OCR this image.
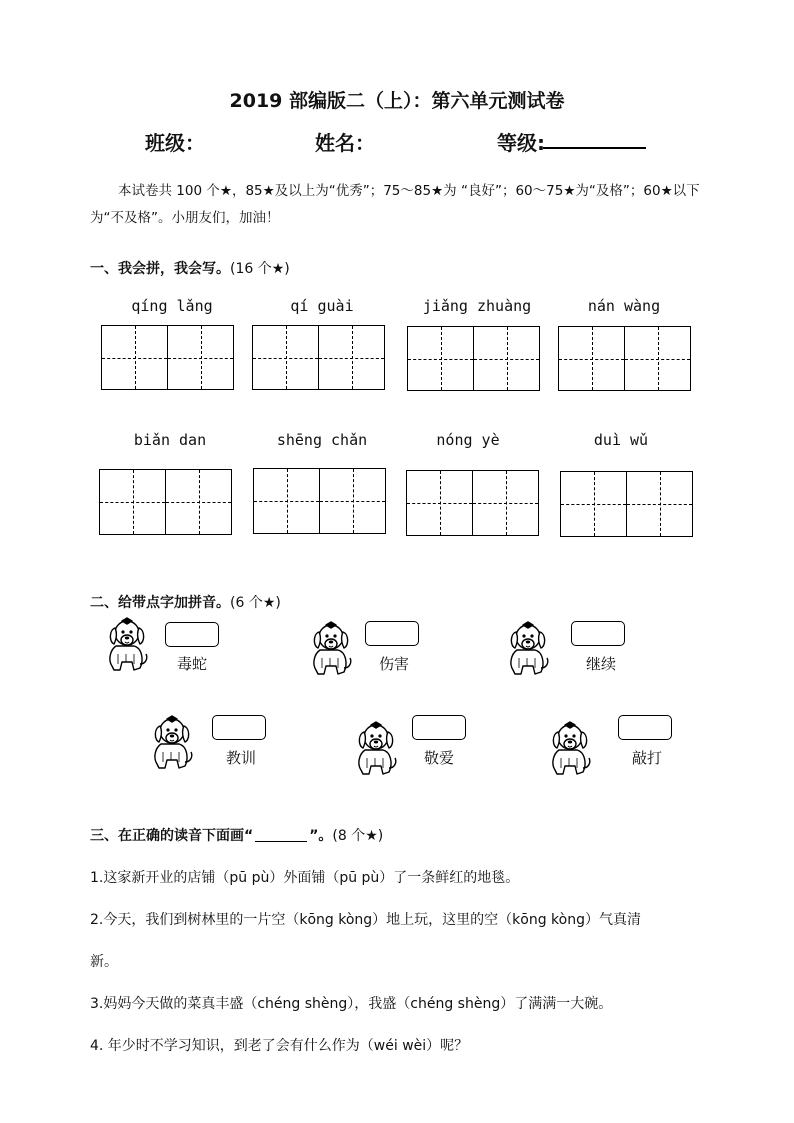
2019 部编版二（上）：第六单元测试卷
班级：	姓名：	等级:
本试卷共 100 个★，85★及以上为“优秀”；75～85★为 “良好”；60～75★为“及格”；60★以下为“不及格”。小朋友们，加油！
一、我会拼，我会写。(16 个★)
qíng lǎng	qí guài	jiǎng zhuàng	nán wàng
biǎn dan	shēng chǎn	nóng yè	duì wǔ
二、给带点字加拼音。(6 个★)
毒蛇	伤害	继续
教训	敬爱	敲打
三、在正确的读音下面画“	”。(8 个★)
1.这家新开业的店铺（pū pù）外面铺（pū pù）了一条鲜红的地毯。
2.今天，我们到树林里的一片空（kōng kòng）地上玩，这里的空（kōng kòng）气真清
新。
3.妈妈今天做的菜真丰盛（chéng shèng），我盛（chéng shèng）了满满一大碗。
4. 年少时不学习知识，到老了会有什么作为（wéi wèi）呢？
